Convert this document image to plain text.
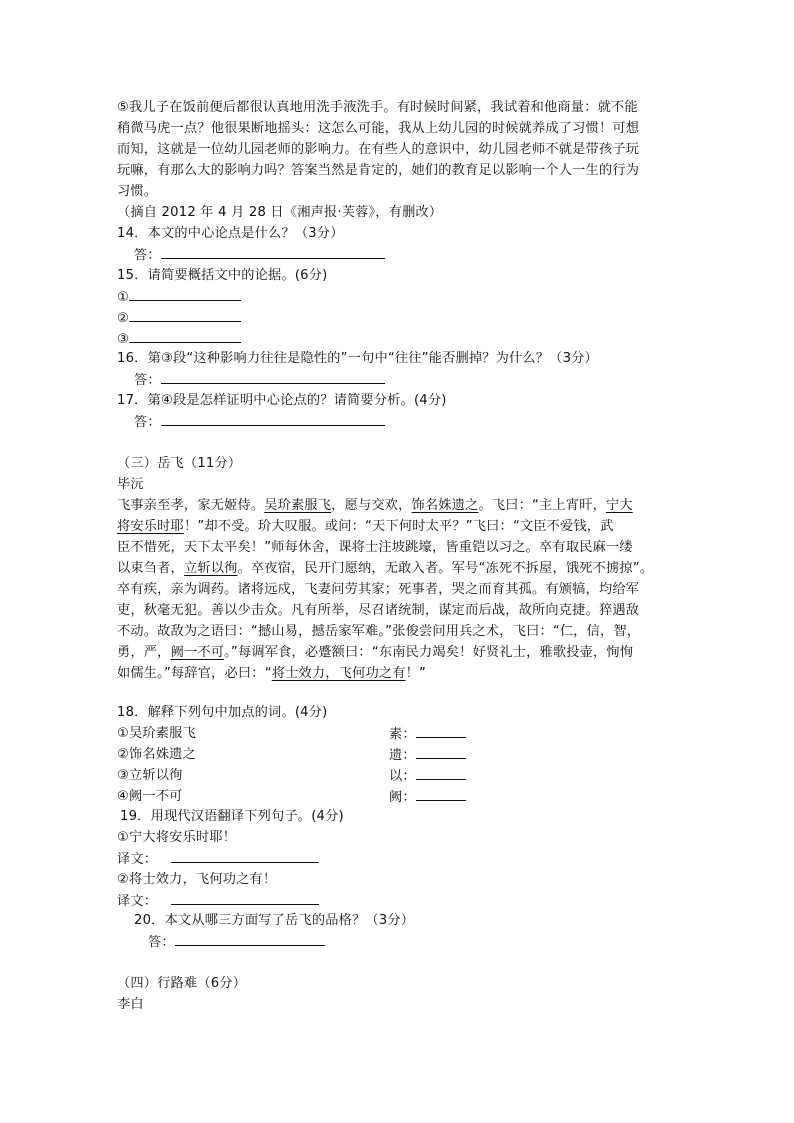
⑤我儿子在饭前便后都很认真地用洗手液洗手。有时候时间紧，我试着和他商量：就不能
稍微马虎一点？他很果断地摇头：这怎么可能，我从上幼儿园的时候就养成了习惯！可想
而知，这就是一位幼儿园老师的影响力。在有些人的意识中，幼儿园老师不就是带孩子玩
玩嘛，有那么大的影响力吗？答案当然是肯定的，她们的教育足以影响一个人一生的行为
习惯。
（摘自 2012 年 4 月 28 日《湘声报·芙蓉》，有删改）
14．本文的中心论点是什么？（3分）
答：
15．请简要概括文中的论据。(6分)
①
②
③
16．第③段“这种影响力往往是隐性的”一句中“往往”能否删掉？为什么？（3分）
答：
17．第④段是怎样证明中心论点的？请简要分析。(4分)
答：
（三）岳飞（11分）
毕沅
飞事亲至孝，家无姬侍。吴玠素服飞，愿与交欢，饰名姝遗之。飞曰：“主上宵旰，宁大
将安乐时耶！”却不受。玠大叹服。或问：“天下何时太平？”飞曰：“文臣不爱钱，武
臣不惜死，天下太平矣！”师每休舍，课将士注坡跳壕，皆重铠以习之。卒有取民麻一缕
以束刍者，立斩以徇。卒夜宿，民开门愿纳，无敢入者。军号“冻死不拆屋，饿死不掳掠”。
卒有疾，亲为调药。诸将远戍，飞妻问劳其家；死事者，哭之而育其孤。有颁犒，均给军
吏，秋毫无犯。善以少击众。凡有所举，尽召诸统制，谋定而后战，故所向克捷。猝遇敌
不动。故敌为之语曰：“撼山易，撼岳家军难。”张俊尝问用兵之术，飞曰：“仁，信，智，
勇，严，阙一不可。”每调军食，必蹙额曰：“东南民力竭矣！好贤礼士，雅歌投壶，恂恂
如儒生。”每辞官，必曰：“将士效力，飞何功之有！”
18．解释下列句中加点的词。(4分)
①吴玠素服飞	素：
②饰名姝遗之	遗：
③立斩以徇	以：
④阙一不可	阙：
19．用现代汉语翻译下列句子。(4分)
①宁大将安乐时耶！
译文：
②将士效力，飞何功之有！
译文：
20．本文从哪三方面写了岳飞的品格？（3分）
答：
（四）行路难（6分）
李白
